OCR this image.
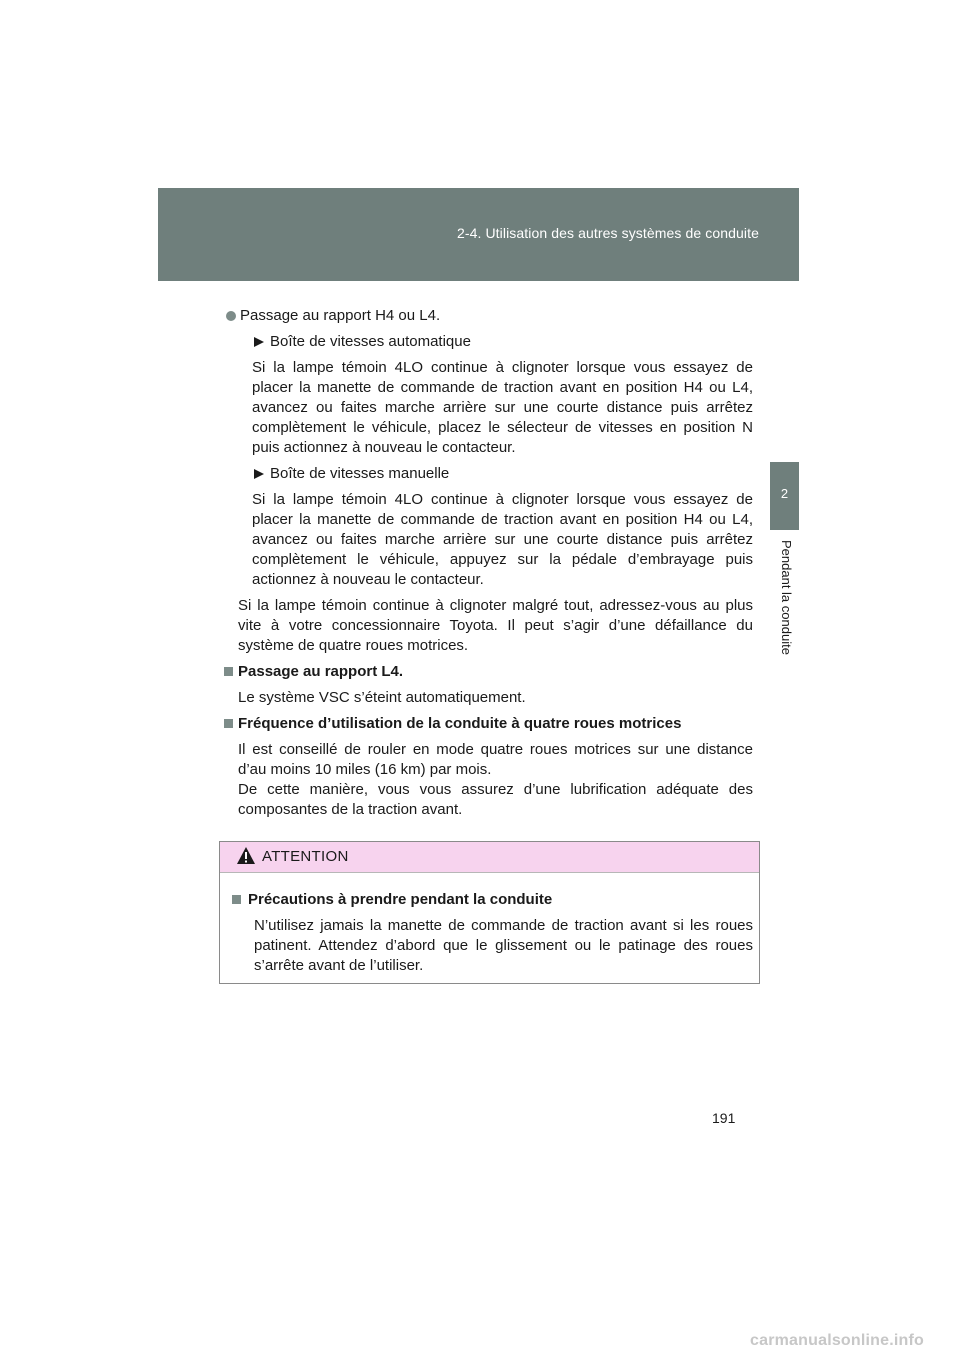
2-4. Utilisation des autres systèmes de conduite
2
Pendant la conduite
Passage au rapport H4 ou L4.
Boîte de vitesses automatique

Si la lampe témoin 4LO continue à clignoter lorsque vous essayez de placer la manette de commande de traction avant en position H4 ou L4, avancez ou faites marche arrière sur une courte distance puis arrêtez complètement le véhicule, placez le sélecteur de vitesses en position N puis actionnez à nouveau le contacteur.

Boîte de vitesses manuelle

Si la lampe témoin 4LO continue à clignoter lorsque vous essayez de placer la manette de commande de traction avant en position H4 ou L4, avancez ou faites marche arrière sur une courte distance puis arrêtez complètement le véhicule, appuyez sur la pédale d’embrayage puis actionnez à nouveau le contacteur.

Si la lampe témoin continue à clignoter malgré tout, adressez-vous au plus vite à votre concessionnaire Toyota. Il peut s’agir d’une défaillance du système de quatre roues motrices.

Passage au rapport L4.

Le système VSC s’éteint automatiquement.

Fréquence d’utilisation de la conduite à quatre roues motrices

Il est conseillé de rouler en mode quatre roues motrices sur une distance d’au moins 10 miles (16 km) par mois.

De cette manière, vous vous assurez d’une lubrification adéquate des composantes de la traction avant.

ATTENTION
Précautions à prendre pendant la conduite

N’utilisez jamais la manette de commande de traction avant si les roues patinent. Attendez d’abord que le glissement ou le patinage des roues s’arrête avant de l’utiliser.

191
carmanualsonline.info
